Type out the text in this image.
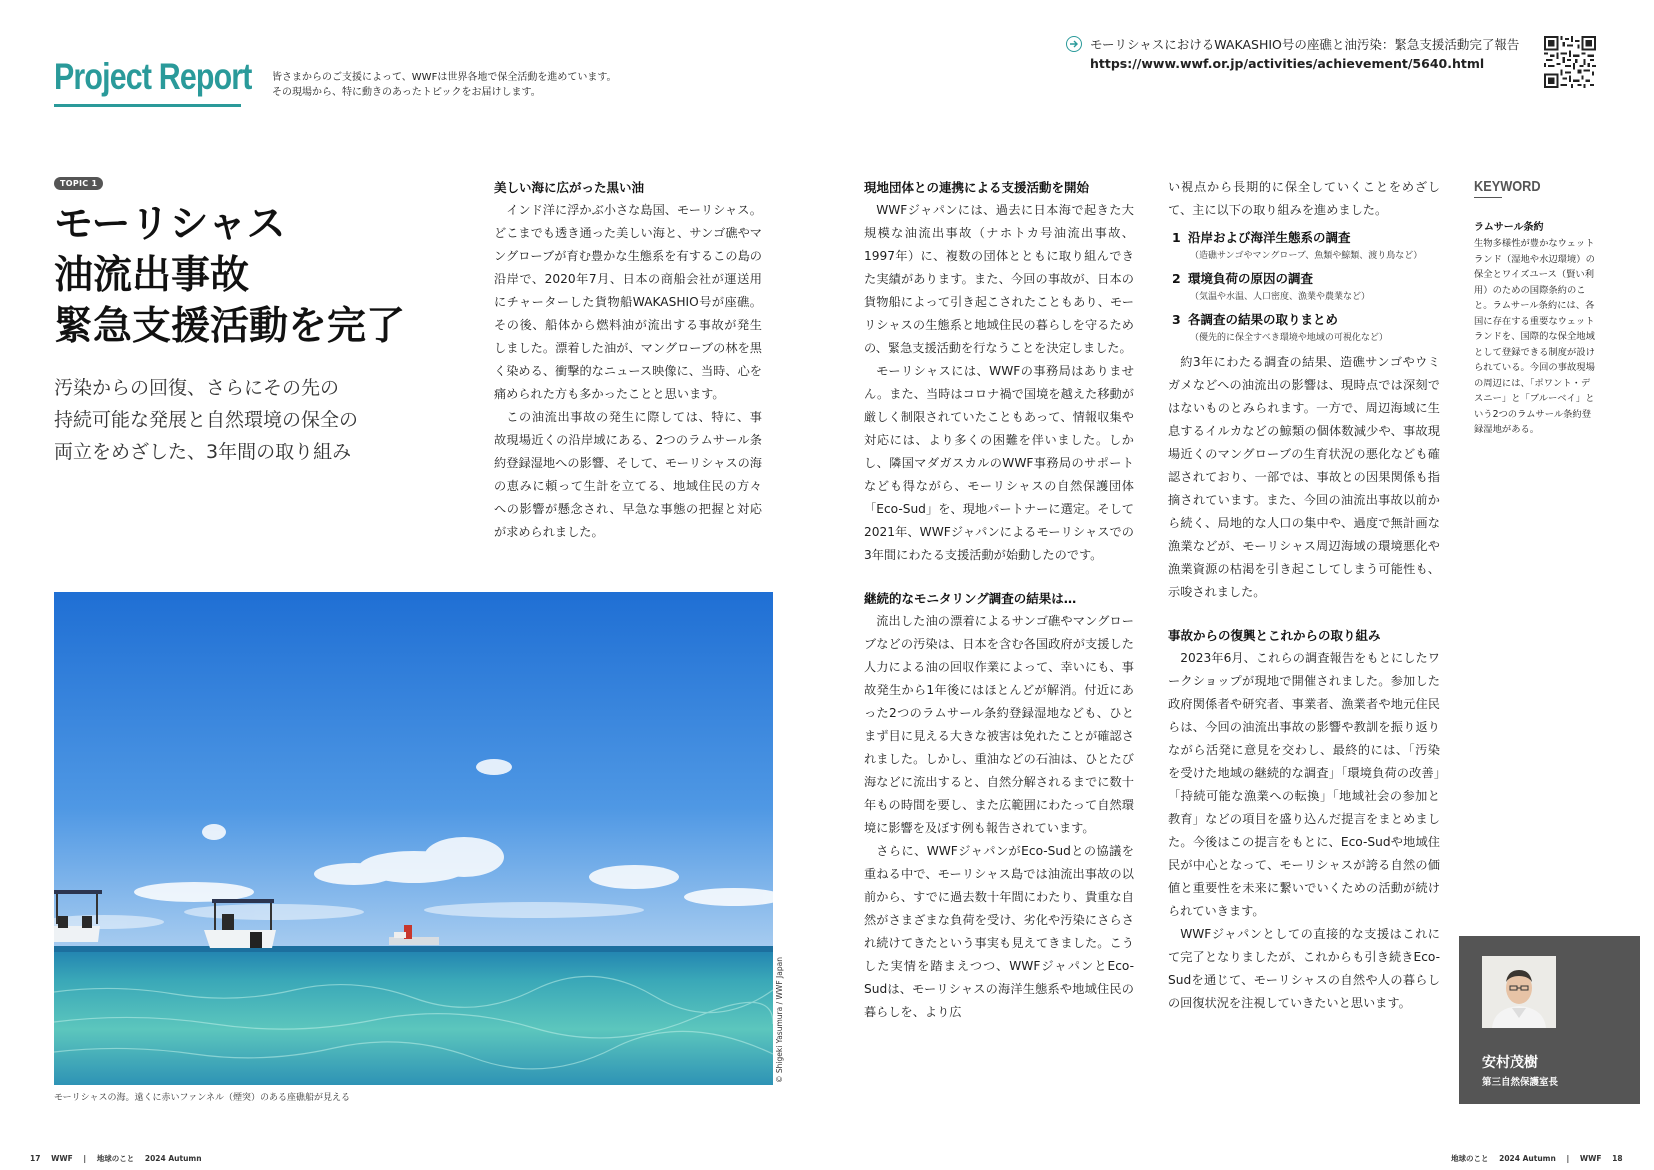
Project Report 皆さまからのご支援によって、WWFは世界各地で保全活動を進めています。
その現場から、特に動きのあったトピックをお届けします。
モーリシャスにおけるWAKASHIO号の座礁と油汚染：緊急支援活動完了報告
https://www.wwf.or.jp/activities/achievement/5640.html
TOPIC 1
モーリシャス
油流出事故
緊急支援活動を完了
汚染からの回復、さらにその先の
持続可能な発展と自然環境の保全の
両立をめざした、3年間の取り組み
美しい海に広がった黒い油
インド洋に浮かぶ小さな島国、モーリシャス。どこまでも透き通った美しい海と、サンゴ礁やマングローブが育む豊かな生態系を有するこの島の沿岸で、2020年7月、日本の商船会社が運送用にチャーターした貨物船WAKASHIO号が座礁。その後、船体から燃料油が流出する事故が発生しました。漂着した油が、マングローブの林を黒く染める、衝撃的なニュース映像に、当時、心を痛められた方も多かったことと思います。
この油流出事故の発生に際しては、特に、事故現場近くの沿岸域にある、2つのラムサール条約登録湿地への影響、そして、モーリシャスの海の恵みに頼って生計を立てる、地域住民の方々への影響が懸念され、早急な事態の把握と対応が求められました。
現地団体との連携による支援活動を開始
WWFジャパンには、過去に日本海で起きた大規模な油流出事故（ナホトカ号油流出事故、1997年）に、複数の団体とともに取り組んできた実績があります。また、今回の事故が、日本の貨物船によって引き起こされたこともあり、モーリシャスの生態系と地域住民の暮らしを守るための、緊急支援活動を行なうことを決定しました。
モーリシャスには、WWFの事務局はありません。また、当時はコロナ禍で国境を越えた移動が厳しく制限されていたこともあって、情報収集や対応には、より多くの困難を伴いました。しかし、隣国マダガスカルのWWF事務局のサポートなども得ながら、モーリシャスの自然保護団体「Eco-Sud」を、現地パートナーに選定。そして2021年、WWFジャパンによるモーリシャスでの3年間にわたる支援活動が始動したのです。
継続的なモニタリング調査の結果は…
流出した油の漂着によるサンゴ礁やマングローブなどの汚染は、日本を含む各国政府が支援した人力による油の回収作業によって、幸いにも、事故発生から1年後にはほとんどが解消。付近にあった2つのラムサール条約登録湿地なども、ひとまず目に見える大きな被害は免れたことが確認されました。しかし、重油などの石油は、ひとたび海などに流出すると、自然分解されるまでに数十年もの時間を要し、また広範囲にわたって自然環境に影響を及ぼす例も報告されています。
さらに、WWFジャパンがEco-Sudとの協議を重ねる中で、モーリシャス島では油流出事故の以前から、すでに過去数十年間にわたり、貴重な自然がさまざまな負荷を受け、劣化や汚染にさらされ続けてきたという事実も見えてきました。こうした実情を踏まえつつ、WWFジャパンとEco-Sudは、モーリシャスの海洋生態系や地域住民の暮らしを、より広
い視点から長期的に保全していくことをめざして、主に以下の取り組みを進めました。
1 沿岸および海洋生態系の調査
（造礁サンゴやマングローブ、魚類や鯨類、渡り鳥など）
2 環境負荷の原因の調査
（気温や水温、人口密度、漁業や農業など）
3 各調査の結果の取りまとめ
（優先的に保全すべき環境や地域の可視化など）
約3年にわたる調査の結果、造礁サンゴやウミガメなどへの油流出の影響は、現時点では深刻ではないものとみられます。一方で、周辺海域に生息するイルカなどの鯨類の個体数減少や、事故現場近くのマングローブの生育状況の悪化なども確認されており、一部では、事故との因果関係も指摘されています。また、今回の油流出事故以前から続く、局地的な人口の集中や、過度で無計画な漁業などが、モーリシャス周辺海域の環境悪化や漁業資源の枯渇を引き起こしてしまう可能性も、示唆されました。
事故からの復興とこれからの取り組み
2023年6月、これらの調査報告をもとにしたワークショップが現地で開催されました。参加した政府関係者や研究者、事業者、漁業者や地元住民らは、今回の油流出事故の影響や教訓を振り返りながら活発に意見を交わし、最終的には、「汚染を受けた地域の継続的な調査」「環境負荷の改善」「持続可能な漁業への転換」「地域社会の参加と教育」などの項目を盛り込んだ提言をまとめました。今後はこの提言をもとに、Eco-Sudや地域住民が中心となって、モーリシャスが誇る自然の価値と重要性を未来に繋いでいくための活動が続けられていきます。
WWFジャパンとしての直接的な支援はこれにて完了となりましたが、これからも引き続きEco-Sudを通じて、モーリシャスの自然や人の暮らしの回復状況を注視していきたいと思います。
KEYWORD
ラムサール条約
生物多様性が豊かなウェットランド（湿地や水辺環境）の保全とワイズユース（賢い利用）のための国際条約のこと。ラムサール条約には、各国に存在する重要なウェットランドを、国際的な保全地域として登録できる制度が設けられている。今回の事故現場の周辺には、「ポワント・デスニー」と「ブルーベイ」という2つのラムサール条約登録湿地がある。
© Shigeki Yasumura / WWF Japan
モーリシャスの海。遠くに赤いファンネル（煙突）のある座礁船が見える
安村茂樹
第三自然保護室長
17 WWF | 地球のこと 2024 Autumn	地球のこと 2024 Autumn | WWF 18
